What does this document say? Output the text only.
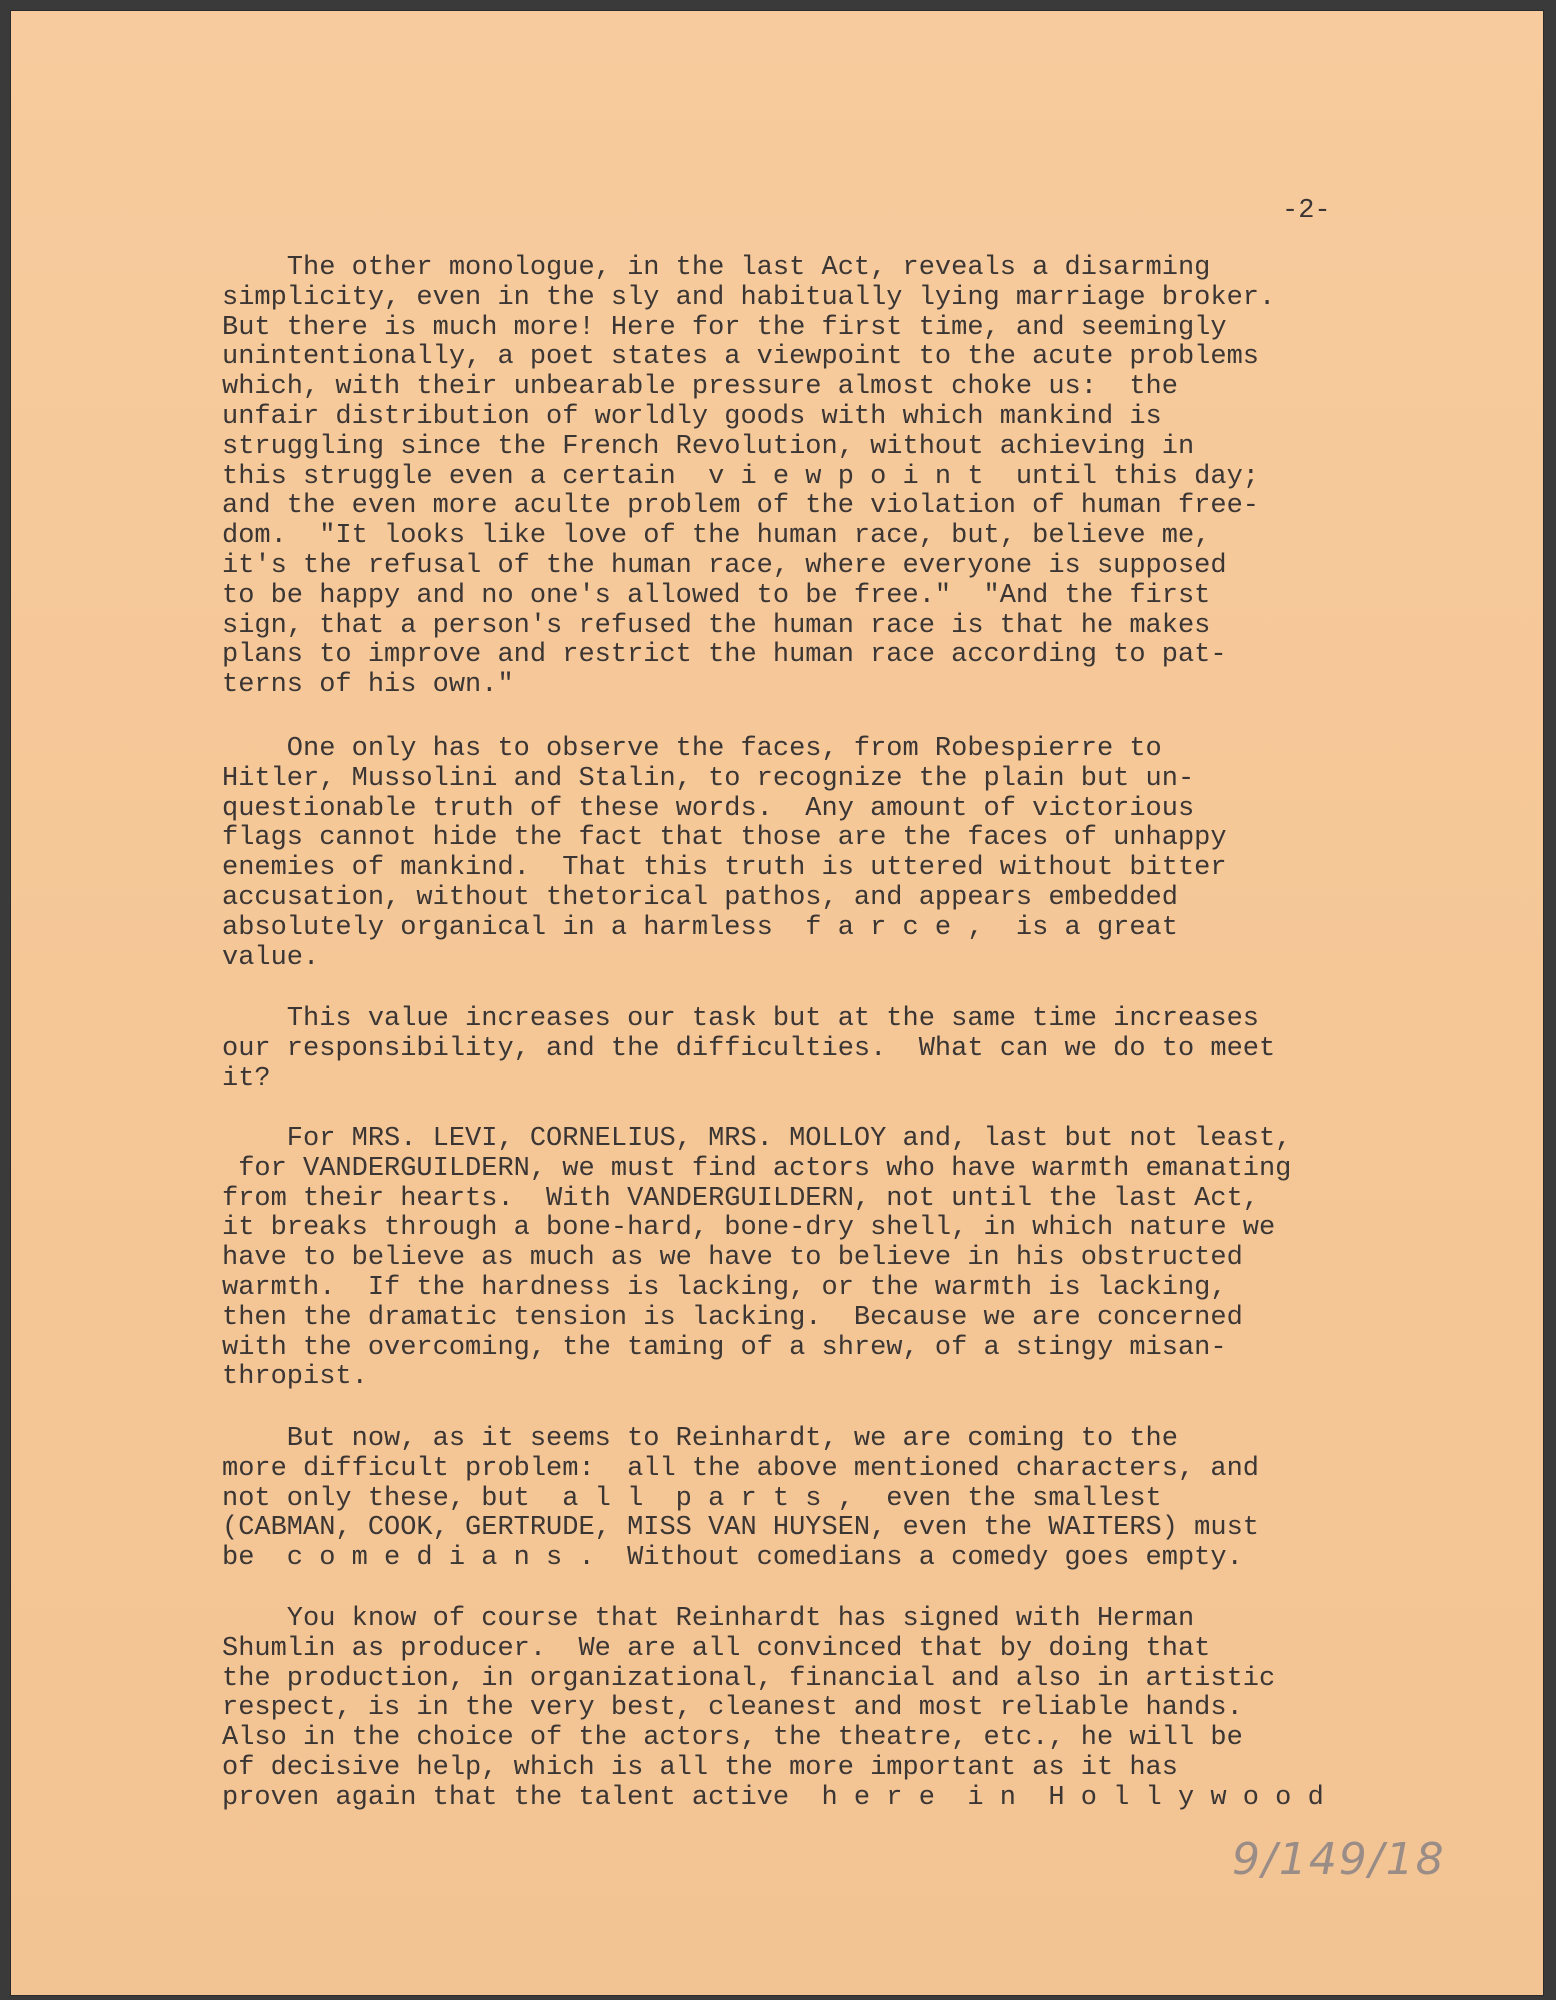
-2-
The other monologue, in the last Act, reveals a disarming
simplicity, even in the sly and habitually lying marriage broker.
But there is much more! Here for the first time, and seemingly
unintentionally, a poet states a viewpoint to the acute problems
which, with their unbearable pressure almost choke us:  the
unfair distribution of worldly goods with which mankind is
struggling since the French Revolution, without achieving in
this struggle even a certain  v i e w p o i n t  until this day;
and the even more aculte problem of the violation of human free-
dom.  "It looks like love of the human race, but, believe me,
it's the refusal of the human race, where everyone is supposed
to be happy and no one's allowed to be free."  "And the first
sign, that a person's refused the human race is that he makes
plans to improve and restrict the human race according to pat-
terns of his own."
One only has to observe the faces, from Robespierre to
Hitler, Mussolini and Stalin, to recognize the plain but un-
questionable truth of these words.  Any amount of victorious
flags cannot hide the fact that those are the faces of unhappy
enemies of mankind.  That this truth is uttered without bitter
accusation, without thetorical pathos, and appears embedded
absolutely organical in a harmless  f a r c e ,  is a great
value.
This value increases our task but at the same time increases
our responsibility, and the difficulties.  What can we do to meet
it?
For MRS. LEVI, CORNELIUS, MRS. MOLLOY and, last but not least,
for VANDERGUILDERN, we must find actors who have warmth emanating
from their hearts.  With VANDERGUILDERN, not until the last Act,
it breaks through a bone-hard, bone-dry shell, in which nature we
have to believe as much as we have to believe in his obstructed
warmth.  If the hardness is lacking, or the warmth is lacking,
then the dramatic tension is lacking.  Because we are concerned
with the overcoming, the taming of a shrew, of a stingy misan-
thropist.
But now, as it seems to Reinhardt, we are coming to the
more difficult problem:  all the above mentioned characters, and
not only these, but  a l l  p a r t s ,  even the smallest
(CABMAN, COOK, GERTRUDE, MISS VAN HUYSEN, even the WAITERS) must
be  c o m e d i a n s .  Without comedians a comedy goes empty.
You know of course that Reinhardt has signed with Herman
Shumlin as producer.  We are all convinced that by doing that
the production, in organizational, financial and also in artistic
respect, is in the very best, cleanest and most reliable hands.
Also in the choice of the actors, the theatre, etc., he will be
of decisive help, which is all the more important as it has
proven again that the talent active  h e r e  i n  H o l l y w o o d
9/149/18
